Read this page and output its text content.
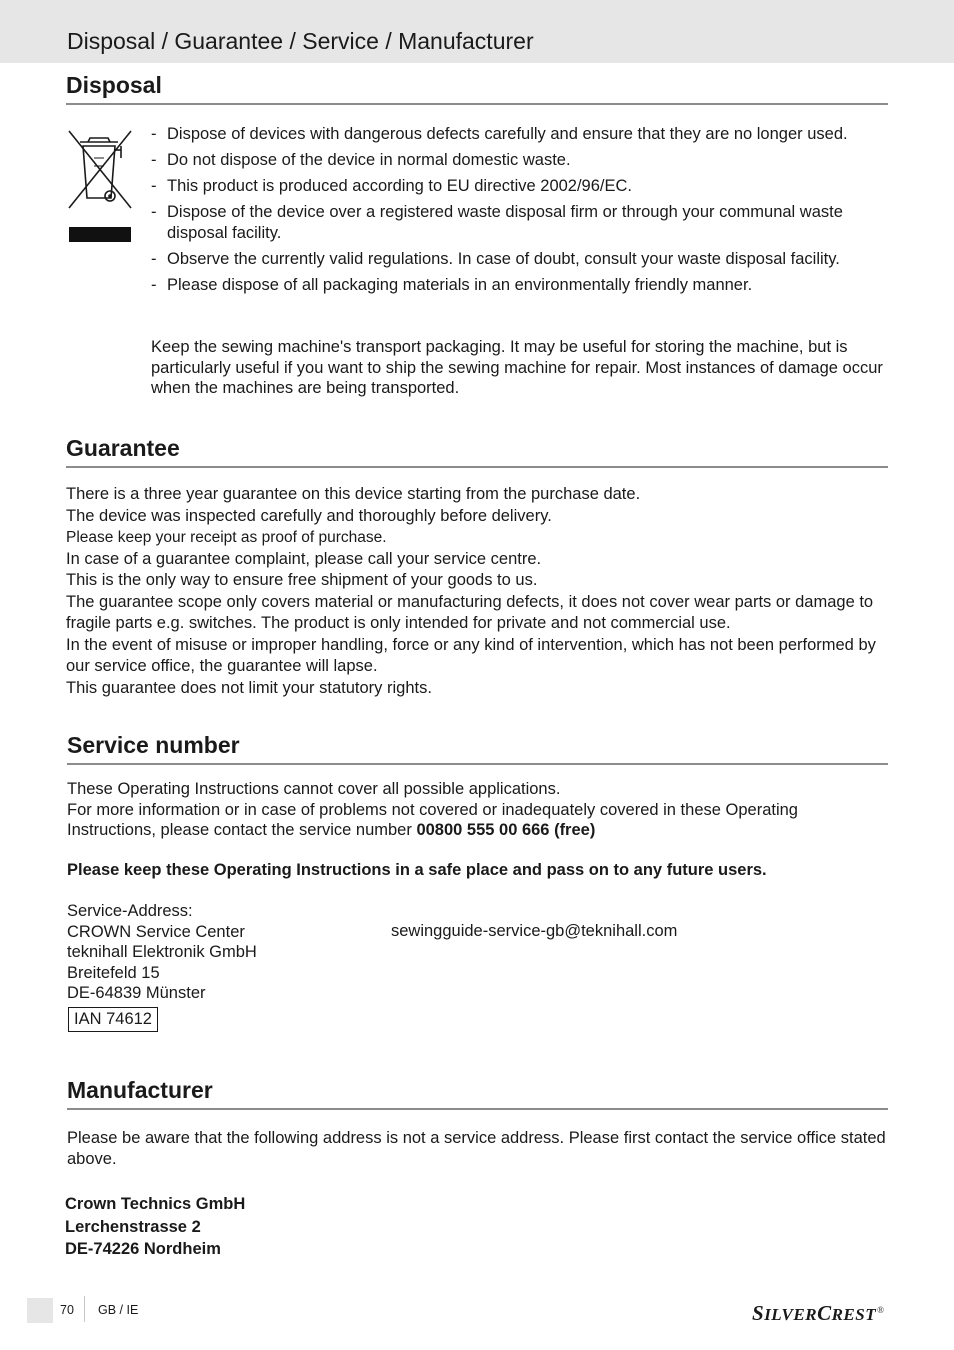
Disposal / Guarantee / Service / Manufacturer
Disposal
- Dispose of devices with dangerous defects carefully and ensure that they are no longer used.
- Do not dispose of the device in normal domestic waste.
- This product is produced according to EU directive 2002/96/EC.
- Dispose of the device over a registered waste disposal firm or through your communal waste disposal facility.
- Observe the currently valid regulations. In case of doubt, consult your waste disposal facility.
- Please dispose of all packaging materials in an environmentally friendly manner.
Keep the sewing machine's transport packaging. It may be useful for storing the machine, but is particularly useful if you want to ship the sewing machine for repair. Most instances of damage occur when the machines are being transported.
Guarantee

There is a three year guarantee on this device starting from the purchase date.

The device was inspected carefully and thoroughly before delivery.

Please keep your receipt as proof of purchase.

In case of a guarantee complaint, please call your service centre.

This is the only way to ensure free shipment of your goods to us.

The guarantee scope only covers material or manufacturing defects, it does not cover wear parts or damage to fragile parts e.g. switches. The product is only intended for private and not commercial use.

In the event of misuse or improper handling, force or any kind of intervention, which has not been performed by our service office, the guarantee will lapse.

This guarantee does not limit your statutory rights.

Service number

These Operating Instructions cannot cover all possible applications.

For more information or in case of problems not covered or inadequately covered in these Operating Instructions, please contact the service number 00800 555 00 666 (free)

Please keep these Operating Instructions in a safe place and pass on to any future users.

Service-Address:

CROWN Service Center

teknihall Elektronik GmbH

Breitefeld 15

DE-64839 Münster

sewingguide-service-gb@teknihall.com
IAN 74612
Manufacturer
Please be aware that the following address is not a service address. Please first contact the service office stated above.

Crown Technics GmbH

Lerchenstrasse 2

DE-74226 Nordheim

70 GB / IE	SILVERCREST®
